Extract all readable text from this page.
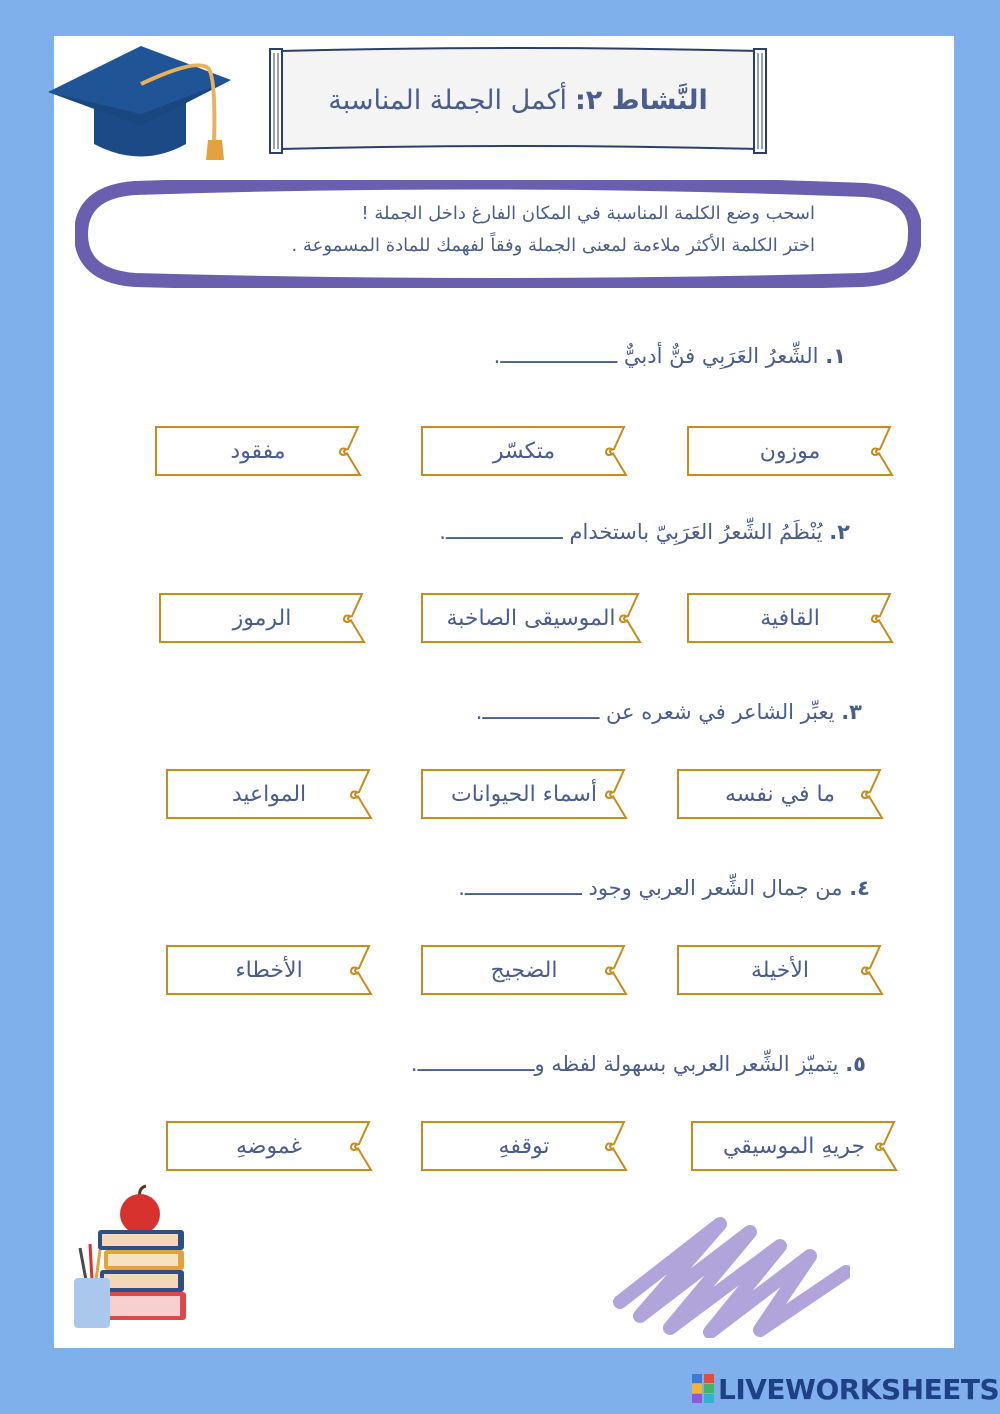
النَّشاط ٢:
أكمل الجملة المناسبة
اسحب وضع الكلمة المناسبة في المكان الفارغ داخل الجملة !
اختر الكلمة الأكثر ملاءمة لمعنى الجملة وفقاً لفهمك للمادة المسموعة .
١. الشِّعرُ العَرَبِي فنٌّ أدبيٌّ ـــــــــــــــــــ.
٢. يُنْظَمُ الشِّعرُ العَرَبِيّ باستخدام ـــــــــــــــــــ.
٣. يعبِّر الشاعر في شعره عن ـــــــــــــــــــ.
٤. من جمال الشِّعر العربي وجود ـــــــــــــــــــ.
٥. يتميّز الشِّعر العربي بسهولة لفظه وـــــــــــــــــــ.
موزون
متكسّر
مفقود
القافية
الموسيقى الصاخبة
الرموز
ما في نفسه
أسماء الحيوانات
المواعيد
الأخيلة
الضجيج
الأخطاء
جريهِ الموسيقي
توقفهِ
غموضهِ
LIVEWORKSHEETS
